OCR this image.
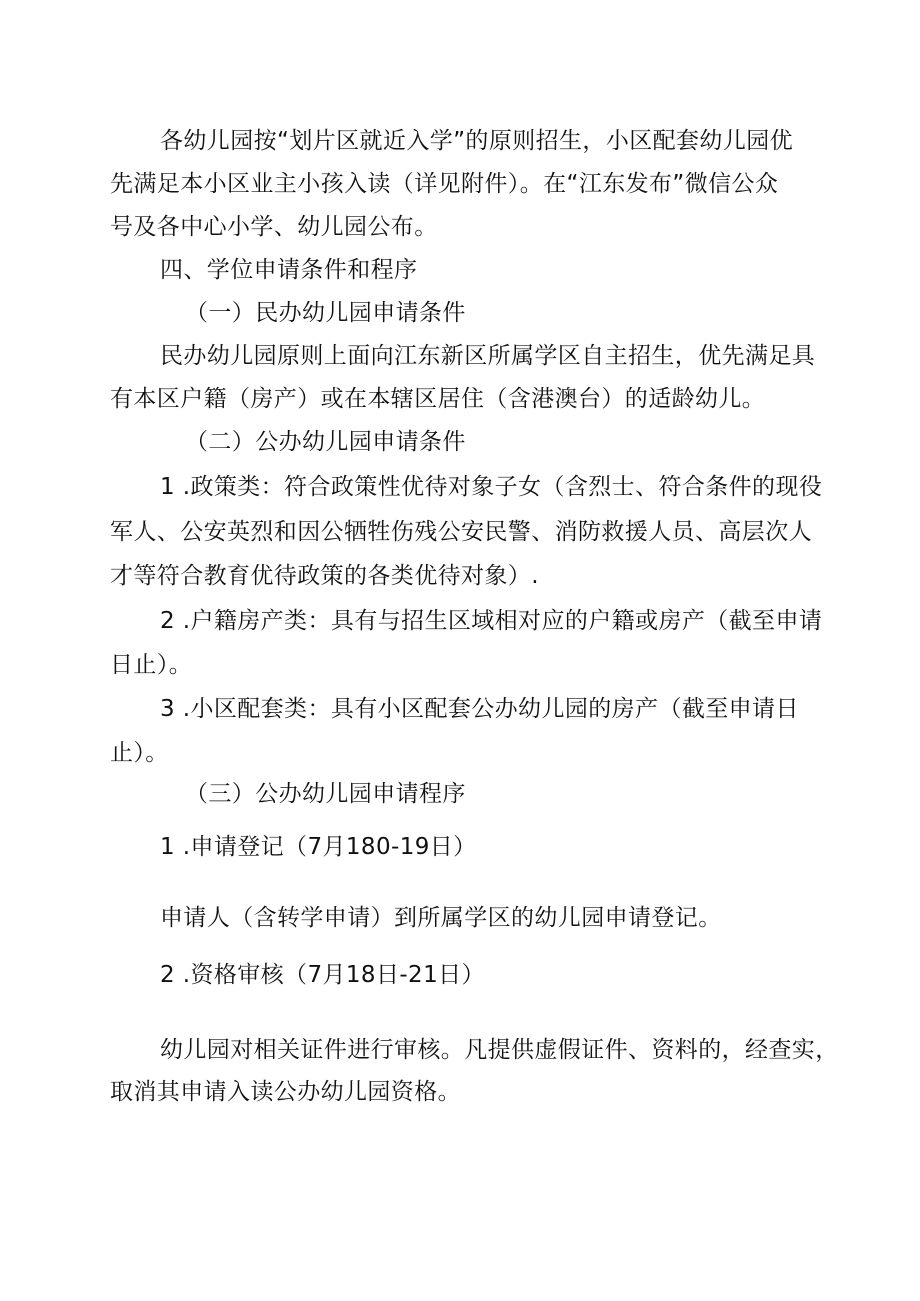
各幼儿园按“划片区就近入学”的原则招生，小区配套幼儿园优
先满足本小区业主小孩入读（详见附件）。在“江东发布”微信公众
号及各中心小学、幼儿园公布。
四、学位申请条件和程序
（一）民办幼儿园申请条件
民办幼儿园原则上面向江东新区所属学区自主招生，优先满足具
有本区户籍（房产）或在本辖区居住（含港澳台）的适龄幼儿。
（二）公办幼儿园申请条件
1 .政策类：符合政策性优待对象子女（含烈士、符合条件的现役
军人、公安英烈和因公牺牲伤残公安民警、消防救援人员、高层次人
才等符合教育优待政策的各类优待对象）.
2 .户籍房产类：具有与招生区域相对应的户籍或房产（截至申请
日止）。
3 .小区配套类：具有小区配套公办幼儿园的房产（截至申请日
止）。
（三）公办幼儿园申请程序
1 .申请登记（7月180-19日）
申请人（含转学申请）到所属学区的幼儿园申请登记。
2 .资格审核（7月18日-21日）
幼儿园对相关证件进行审核。凡提供虚假证件、资料的，经查实，
取消其申请入读公办幼儿园资格。
